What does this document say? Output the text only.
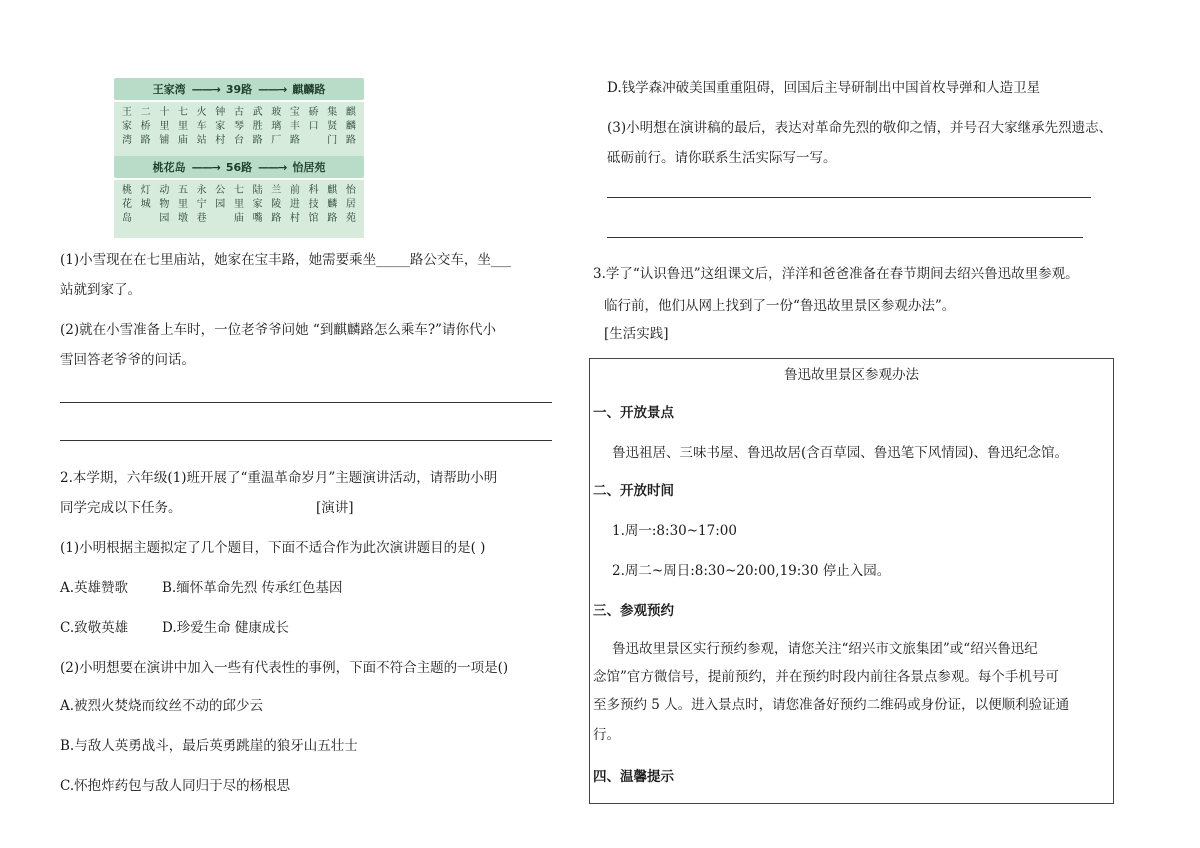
王家湾 ——→ 39路 ——→ 麒麟路
王家湾
二桥路
十里铺
七里庙
火车站
钟家村
古琴台
武胜路
玻璃厂
宝丰路
硚口
集贤门
麒麟路
桃花岛 ——→ 56路 ——→ 怡居苑
桃花岛
灯城
动物园
五里墩
永宁巷
公园
七里庙
陆家嘴
兰陵路
前进村
科技馆
麒麟路
怡居苑
(1)小雪现在在七里庙站，她家在宝丰路，她需要乘坐_____路公交车，坐___
站就到家了。
(2)就在小雪准备上车时，一位老爷爷问她 “到麒麟路怎么乘车?”请你代小
雪回答老爷爷的问话。
2.本学期，六年级(1)班开展了“重温革命岁月”主题演讲活动，请帮助小明
同学完成以下任务。	[演讲]
(1)小明根据主题拟定了几个题目，下面不适合作为此次演讲题目的是( )
A.英雄赞歌	B.缅怀革命先烈 传承红色基因
C.致敬英雄	D.珍爱生命 健康成长
(2)小明想要在演讲中加入一些有代表性的事例，下面不符合主题的一项是()
A.被烈火焚烧而纹丝不动的邱少云
B.与敌人英勇战斗，最后英勇跳崖的狼牙山五壮士
C.怀抱炸药包与敌人同归于尽的杨根思
D.钱学森冲破美国重重阻碍，回国后主导研制出中国首枚导弹和人造卫星
(3)小明想在演讲稿的最后，表达对革命先烈的敬仰之情，并号召大家继承先烈遗志、
砥砺前行。请你联系生活实际写一写。
3.学了“认识鲁迅”这组课文后，洋洋和爸爸准备在春节期间去绍兴鲁迅故里参观。
临行前，他们从网上找到了一份“鲁迅故里景区参观办法”。
[生活实践]
鲁迅故里景区参观办法
一、开放景点
鲁迅祖居、三味书屋、鲁迅故居(含百草园、鲁迅笔下风情园)、鲁迅纪念馆。
二、开放时间
1.周一:8:30~17:00
2.周二~周日:8:30~20:00,19:30 停止入园。
三、参观预约
鲁迅故里景区实行预约参观，请您关注“绍兴市文旅集团”或“绍兴鲁迅纪
念馆”官方微信号，提前预约，并在预约时段内前往各景点参观。每个手机号可
至多预约 5 人。进入景点时，请您准备好预约二维码或身份证，以便顺利验证通
行。
四、温馨提示
